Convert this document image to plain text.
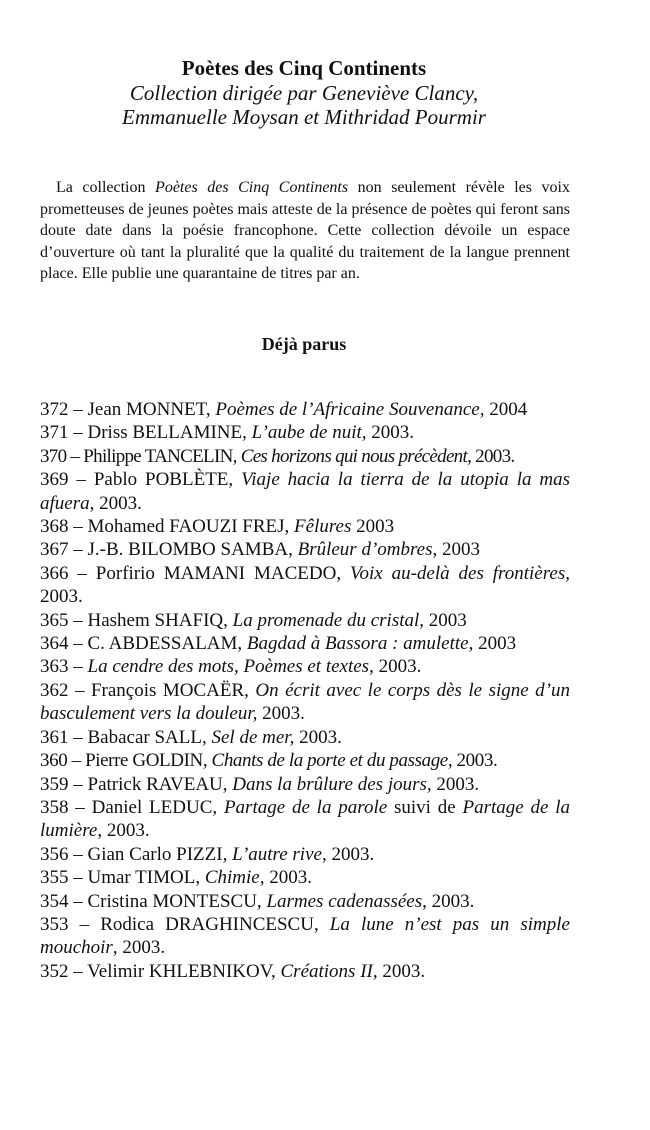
Poètes des Cinq Continents
Collection dirigée par Geneviève Clancy,
Emmanuelle Moysan et Mithridad Pourmir

La collection Poètes des Cinq Continents non seulement révèle les voix prometteuses de jeunes poètes mais atteste de la présence de poètes qui feront sans doute date dans la poésie francophone. Cette collection dévoile un espace d’ouverture où tant la pluralité que la qualité du traitement de la langue prennent place. Elle publie une quarantaine de titres par an.

Déjà parus
372 – Jean MONNET, Poèmes de l’Africaine Souvenance, 2004
371 – Driss BELLAMINE, L’aube de nuit, 2003.
370 – Philippe TANCELIN, Ces horizons qui nous précèdent, 2003.
369 – Pablo POBLÈTE, Viaje hacia la tierra de la utopia la mas afuera, 2003.
368 – Mohamed FAOUZI FREJ, Fêlures 2003
367 – J.-B. BILOMBO SAMBA, Brûleur d’ombres, 2003
366 – Porfirio MAMANI MACEDO, Voix au-delà des frontières, 2003.
365 – Hashem SHAFIQ, La promenade du cristal, 2003
364 – C. ABDESSALAM, Bagdad à Bassora : amulette, 2003
363 – La cendre des mots, Poèmes et textes, 2003.
362 – François MOCAËR, On écrit avec le corps dès le signe d’un basculement vers la douleur, 2003.
361 – Babacar SALL, Sel de mer, 2003.
360 – Pierre GOLDIN, Chants de la porte et du passage, 2003.
359 – Patrick RAVEAU, Dans la brûlure des jours, 2003.
358 – Daniel LEDUC, Partage de la parole suivi de Partage de la lumière, 2003.
356 – Gian Carlo PIZZI, L’autre rive, 2003.
355 – Umar TIMOL, Chimie, 2003.
354 – Cristina MONTESCU, Larmes cadenassées, 2003.
353 – Rodica DRAGHINCESCU, La lune n’est pas un simple mouchoir, 2003.
352 – Velimir KHLEBNIKOV, Créations II, 2003.
